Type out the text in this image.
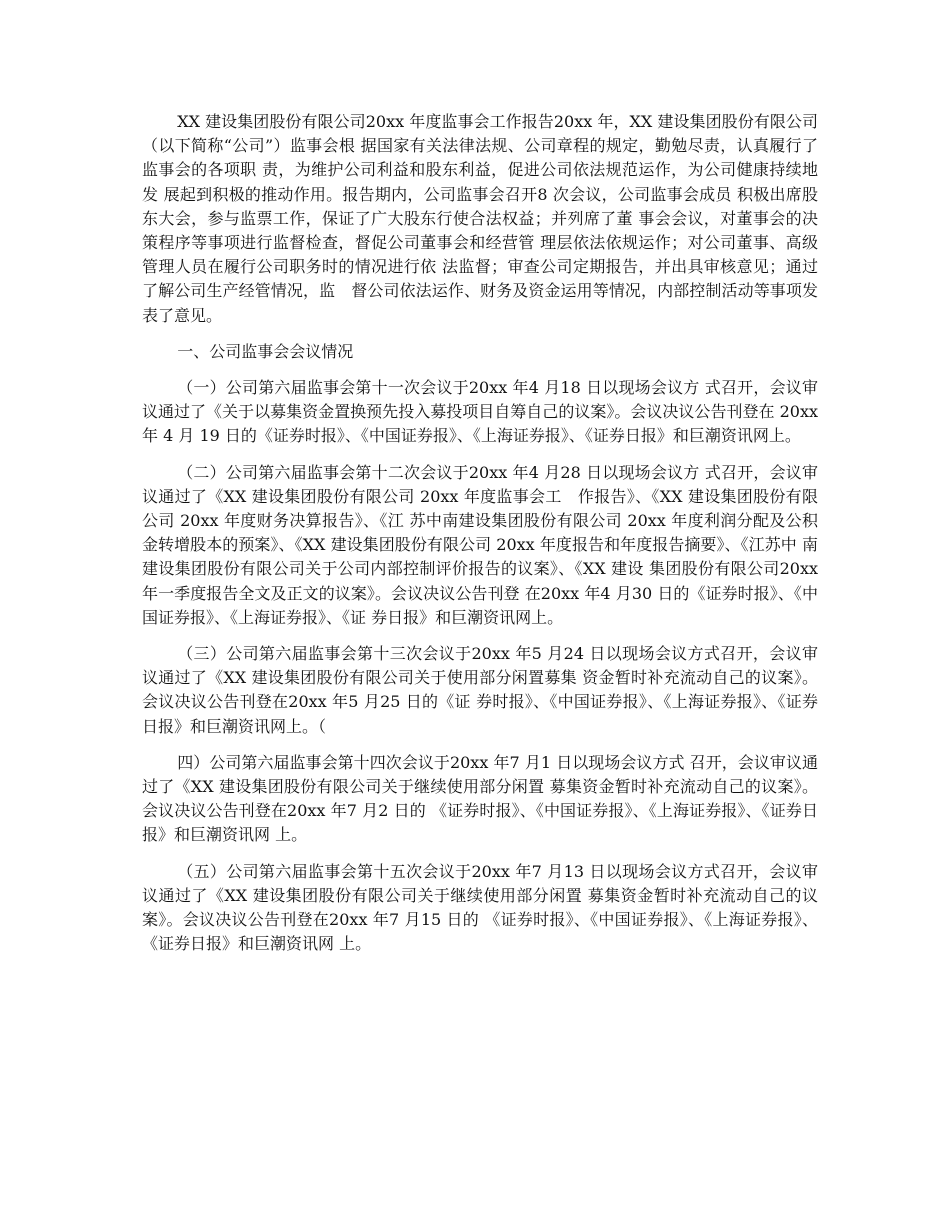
XX 建设集团股份有限公司20xx 年度监事会工作报告20xx 年，XX 建设集团股份有限公司（以下简称“公司”）监事会根 据国家有关法律法规、公司章程的规定，勤勉尽责，认真履行了监事会的各项职 责，为维护公司利益和股东利益，促进公司依法规范运作，为公司健康持续地发 展起到积极的推动作用。报告期内，公司监事会召开8 次会议，公司监事会成员 积极出席股东大会，参与监票工作，保证了广大股东行使合法权益；并列席了董 事会会议，对董事会的决策程序等事项进行监督检查，督促公司董事会和经营管 理层依法依规运作；对公司董事、高级管理人员在履行公司职务时的情况进行依 法监督；审查公司定期报告，并出具审核意见；通过了解公司生产经管情况，监　督公司依法运作、财务及资金运用等情况，内部控制活动等事项发表了意见。

一、公司监事会会议情况

（一）公司第六届监事会第十一次会议于20xx 年4 月18 日以现场会议方 式召开，会议审议通过了《关于以募集资金置换预先投入募投项目自筹自己的议案》。会议决议公告刊登在 20xx 年 4 月 19 日的《证券时报》、《中国证券报》、《上海证券报》、《证券日报》和巨潮资讯网上。

（二）公司第六届监事会第十二次会议于20xx 年4 月28 日以现场会议方 式召开，会议审议通过了《XX 建设集团股份有限公司 20xx 年度监事会工　作报告》、《XX 建设集团股份有限公司 20xx 年度财务决算报告》、《江 苏中南建设集团股份有限公司 20xx 年度利润分配及公积金转增股本的预案》、《XX 建设集团股份有限公司 20xx 年度报告和年度报告摘要》、《江苏中 南建设集团股份有限公司关于公司内部控制评价报告的议案》、《XX 建设 集团股份有限公司20xx 年一季度报告全文及正文的议案》。会议决议公告刊登 在20xx 年4 月30 日的《证券时报》、《中国证券报》、《上海证券报》、《证 券日报》和巨潮资讯网上。

（三）公司第六届监事会第十三次会议于20xx 年5 月24 日以现场会议方式召开，会议审议通过了《XX 建设集团股份有限公司关于使用部分闲置募集 资金暂时补充流动自己的议案》。会议决议公告刊登在20xx 年5 月25 日的《证 券时报》、《中国证券报》、《上海证券报》、《证券日报》和巨潮资讯网上。（

四）公司第六届监事会第十四次会议于20xx 年7 月1 日以现场会议方式 召开，会议审议通过了《XX 建设集团股份有限公司关于继续使用部分闲置 募集资金暂时补充流动自己的议案》。会议决议公告刊登在20xx 年7 月2 日的 《证券时报》、《中国证券报》、《上海证券报》、《证券日报》和巨潮资讯网 上。

（五）公司第六届监事会第十五次会议于20xx 年7 月13 日以现场会议方式召开，会议审议通过了《XX 建设集团股份有限公司关于继续使用部分闲置 募集资金暂时补充流动自己的议案》。会议决议公告刊登在20xx 年7 月15 日的 《证券时报》、《中国证券报》、《上海证券报》、《证券日报》和巨潮资讯网 上。
